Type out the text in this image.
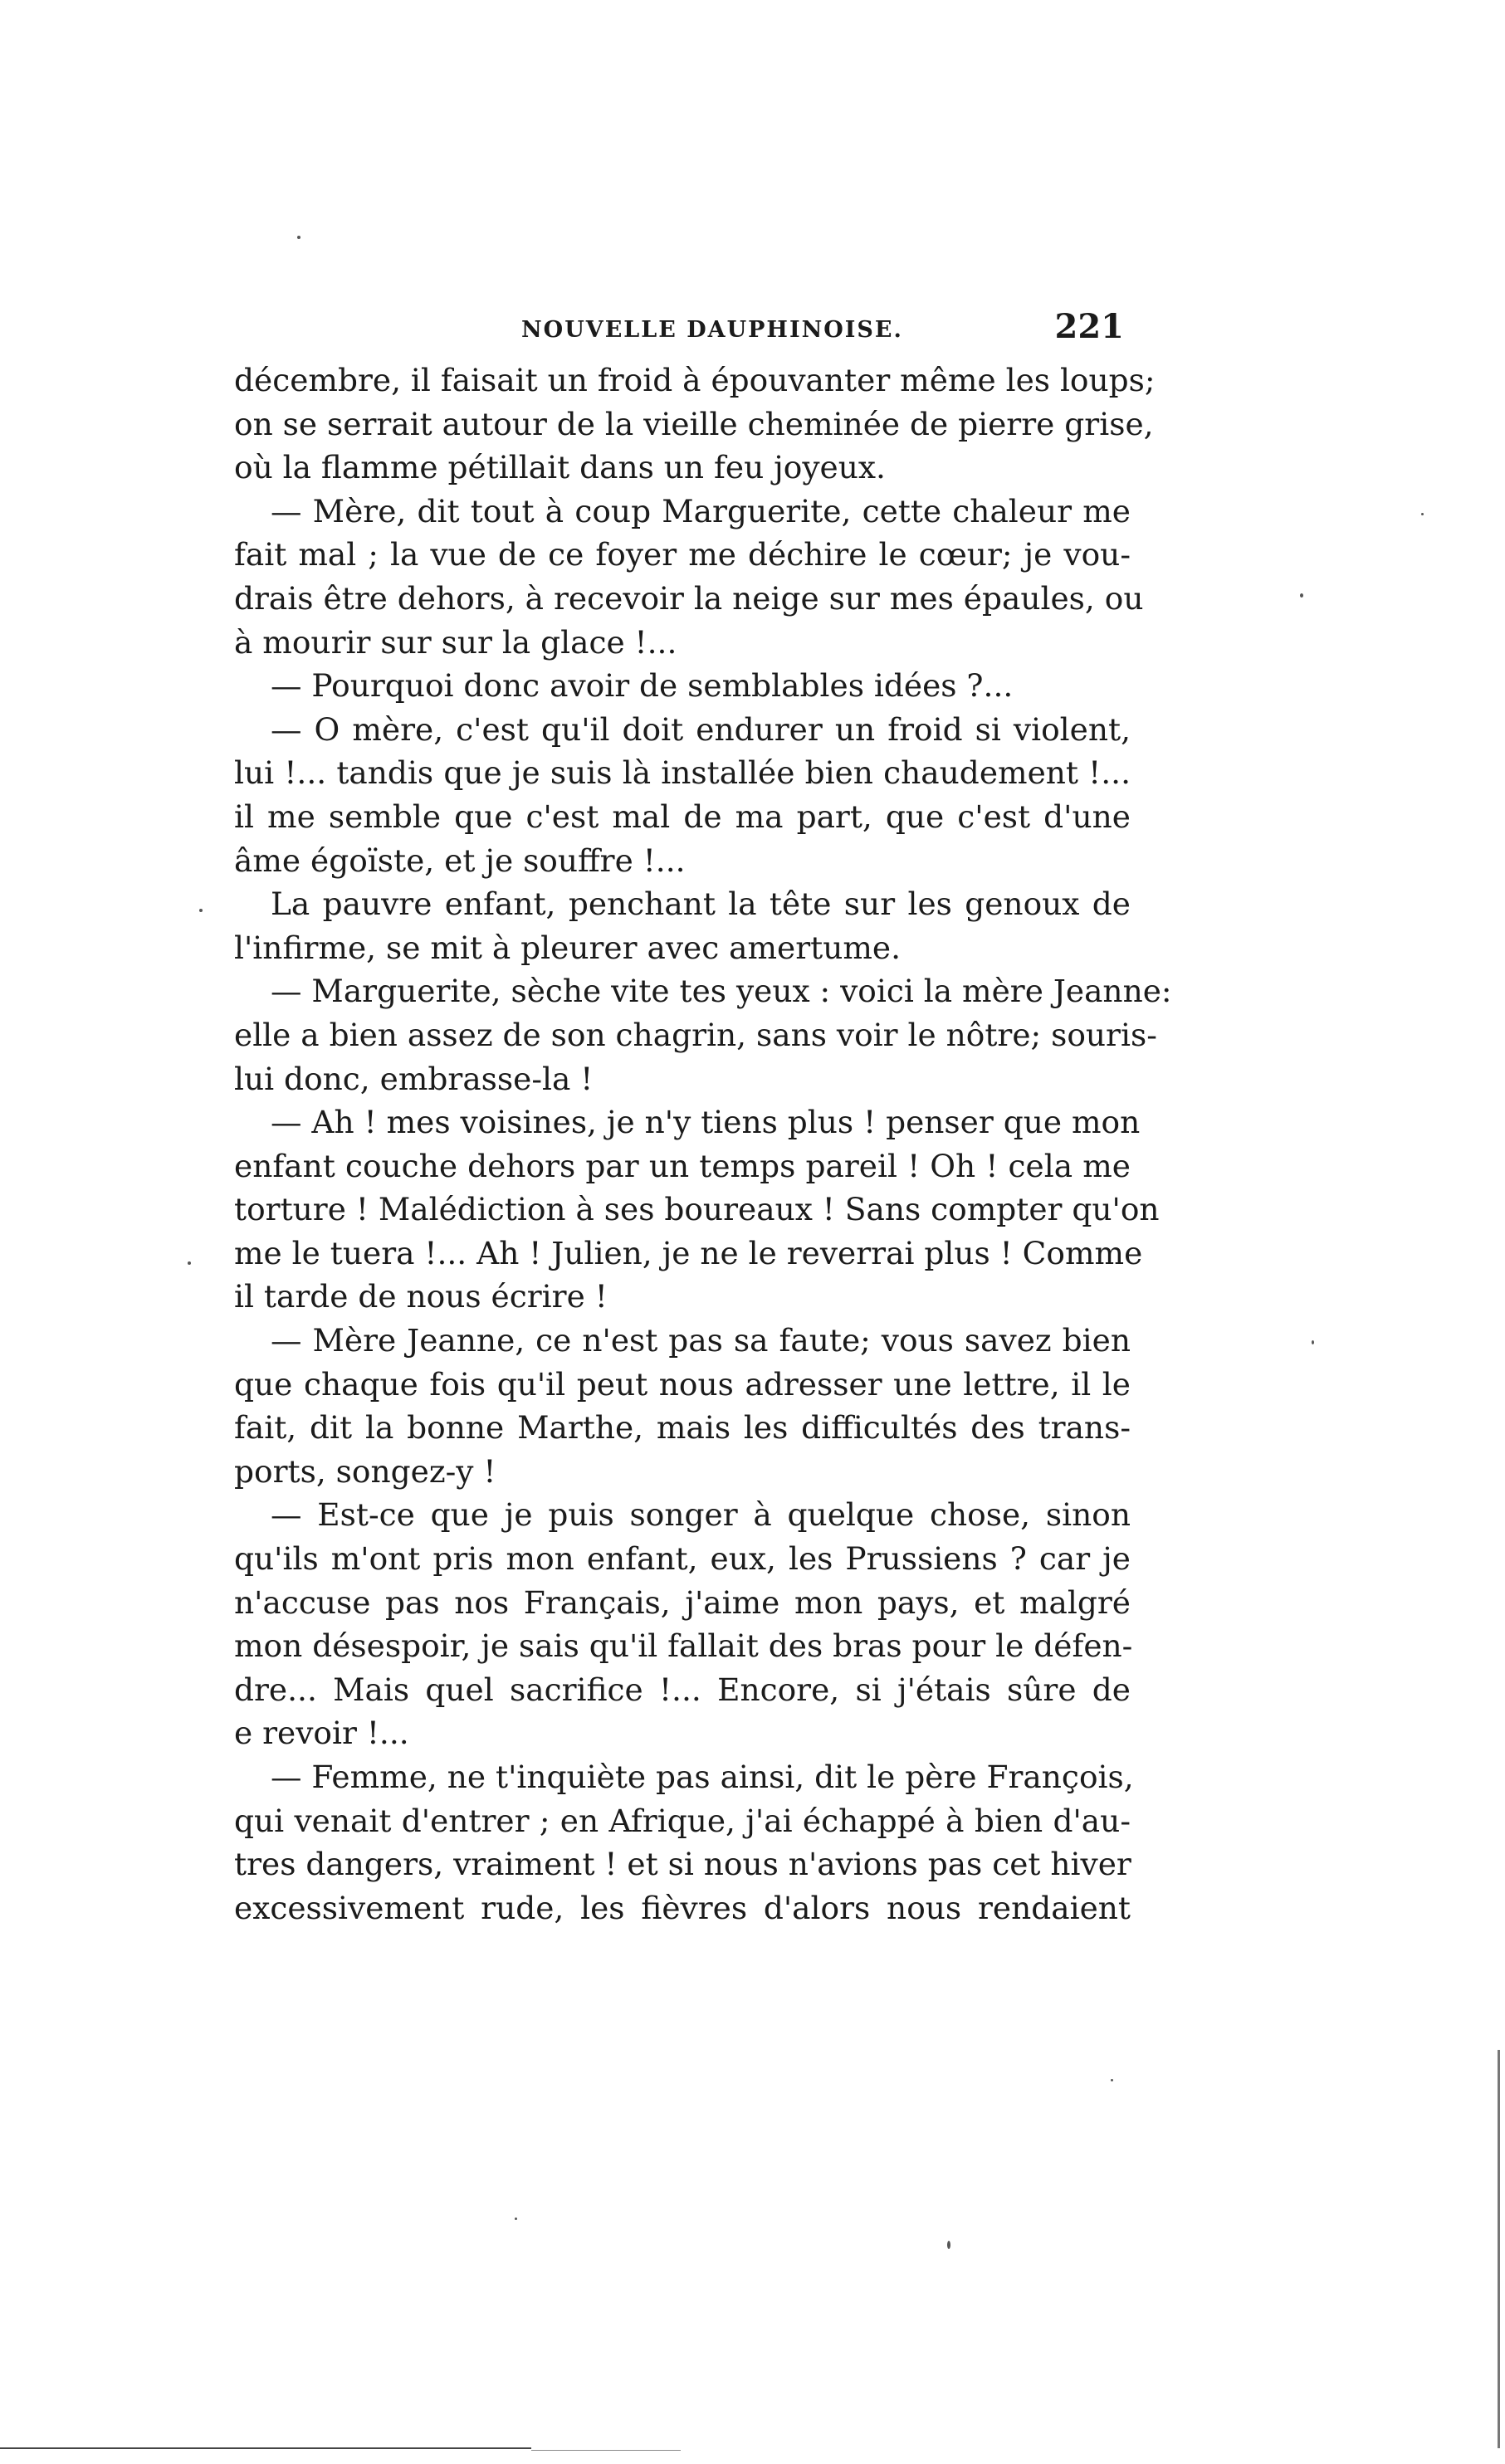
NOUVELLE DAUPHINOISE.	221
décembre, il faisait un froid à épouvanter même les loups;
on se serrait autour de la vieille cheminée de pierre grise,
où la flamme pétillait dans un feu joyeux.
— Mère, dit tout à coup Marguerite, cette chaleur me
fait mal ; la vue de ce foyer me déchire le cœur; je vou-
drais être dehors, à recevoir la neige sur mes épaules, ou
à mourir sur sur la glace !...
— Pourquoi donc avoir de semblables idées ?...
— O mère, c'est qu'il doit endurer un froid si violent,
lui !... tandis que je suis là installée bien chaudement !...
il me semble que c'est mal de ma part, que c'est d'une
âme égoïste, et je souffre !...
La pauvre enfant, penchant la tête sur les genoux de
l'infirme, se mit à pleurer avec amertume.
— Marguerite, sèche vite tes yeux : voici la mère Jeanne:
elle a bien assez de son chagrin, sans voir le nôtre; souris-
lui donc, embrasse-la !
— Ah ! mes voisines, je n'y tiens plus ! penser que mon
enfant couche dehors par un temps pareil ! Oh ! cela me
torture ! Malédiction à ses boureaux ! Sans compter qu'on
me le tuera !... Ah ! Julien, je ne le reverrai plus ! Comme
il tarde de nous écrire !
— Mère Jeanne, ce n'est pas sa faute; vous savez bien
que chaque fois qu'il peut nous adresser une lettre, il le
fait, dit la bonne Marthe, mais les difficultés des trans-
ports, songez-y !
— Est-ce que je puis songer à quelque chose, sinon
qu'ils m'ont pris mon enfant, eux, les Prussiens ? car je
n'accuse pas nos Français, j'aime mon pays, et malgré
mon désespoir, je sais qu'il fallait des bras pour le défen-
dre... Mais quel sacrifice !... Encore, si j'étais sûre de
e revoir !...
— Femme, ne t'inquiète pas ainsi, dit le père François,
qui venait d'entrer ; en Afrique, j'ai échappé à bien d'au-
tres dangers, vraiment ! et si nous n'avions pas cet hiver
excessivement rude, les fièvres d'alors nous rendaient
